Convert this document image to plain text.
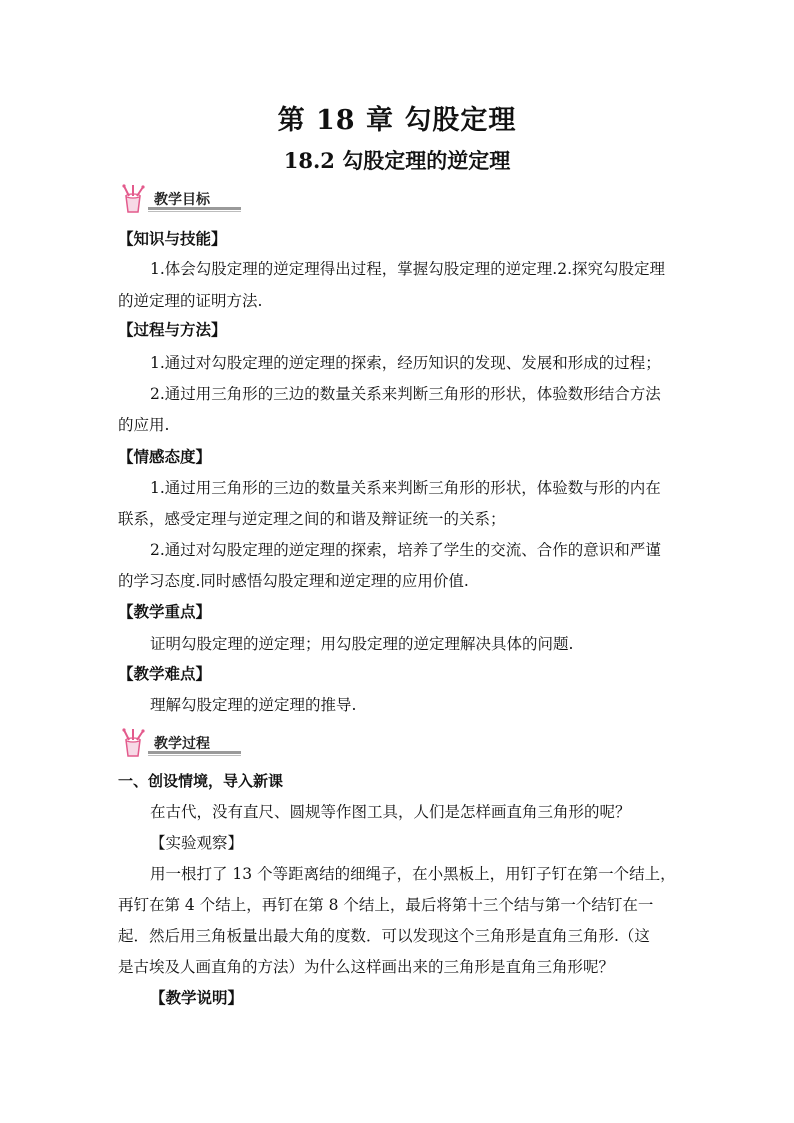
第 18 章 勾股定理
18.2 勾股定理的逆定理
教学目标
【知识与技能】
1.体会勾股定理的逆定理得出过程，掌握勾股定理的逆定理.2.探究勾股定理
的逆定理的证明方法.
【过程与方法】
1.通过对勾股定理的逆定理的探索，经历知识的发现、发展和形成的过程；
2.通过用三角形的三边的数量关系来判断三角形的形状，体验数形结合方法
的应用.
【情感态度】
1.通过用三角形的三边的数量关系来判断三角形的形状，体验数与形的内在
联系，感受定理与逆定理之间的和谐及辩证统一的关系；
2.通过对勾股定理的逆定理的探索，培养了学生的交流、合作的意识和严谨
的学习态度.同时感悟勾股定理和逆定理的应用价值.
【教学重点】
证明勾股定理的逆定理；用勾股定理的逆定理解决具体的问题.
【教学难点】
理解勾股定理的逆定理的推导.
教学过程
一、创设情境，导入新课
在古代，没有直尺、圆规等作图工具，人们是怎样画直角三角形的呢？
【实验观察】
用一根打了 13 个等距离结的细绳子，在小黑板上，用钉子钉在第一个结上，
再钉在第 4 个结上，再钉在第 8 个结上，最后将第十三个结与第一个结钉在一
起．然后用三角板量出最大角的度数．可以发现这个三角形是直角三角形.（这
是古埃及人画直角的方法）为什么这样画出来的三角形是直角三角形呢？
【教学说明】
